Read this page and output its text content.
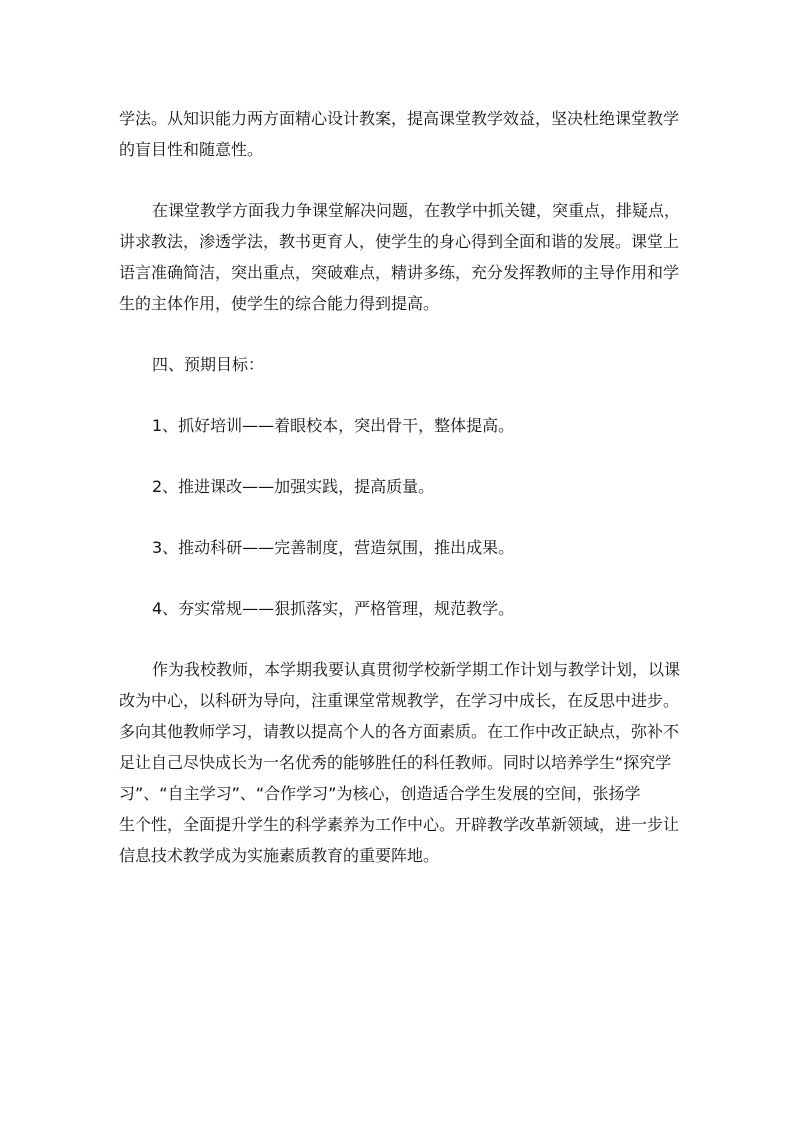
学法。从知识能力两方面精心设计教案，提高课堂教学效益，坚决杜绝课堂教学
的盲目性和随意性。
在课堂教学方面我力争课堂解决问题，在教学中抓关键，突重点，排疑点，
讲求教法，渗透学法，教书更育人，使学生的身心得到全面和谐的发展。课堂上
语言准确简洁，突出重点，突破难点，精讲多练，充分发挥教师的主导作用和学
生的主体作用，使学生的综合能力得到提高。
四、预期目标：
1、抓好培训——着眼校本，突出骨干，整体提高。
2、推进课改——加强实践，提高质量。
3、推动科研——完善制度，营造氛围，推出成果。
4、夯实常规——狠抓落实，严格管理，规范教学。
作为我校教师，本学期我要认真贯彻学校新学期工作计划与教学计划，以课
改为中心，以科研为导向，注重课堂常规教学，在学习中成长，在反思中进步。
多向其他教师学习，请教以提高个人的各方面素质。在工作中改正缺点，弥补不
足让自己尽快成长为一名优秀的能够胜任的科任教师。同时以培养学生“探究学
习”、“自主学习”、“合作学习”为核心，创造适合学生发展的空间，张扬学
生个性，全面提升学生的科学素养为工作中心。开辟教学改革新领域，进一步让
信息技术教学成为实施素质教育的重要阵地。
